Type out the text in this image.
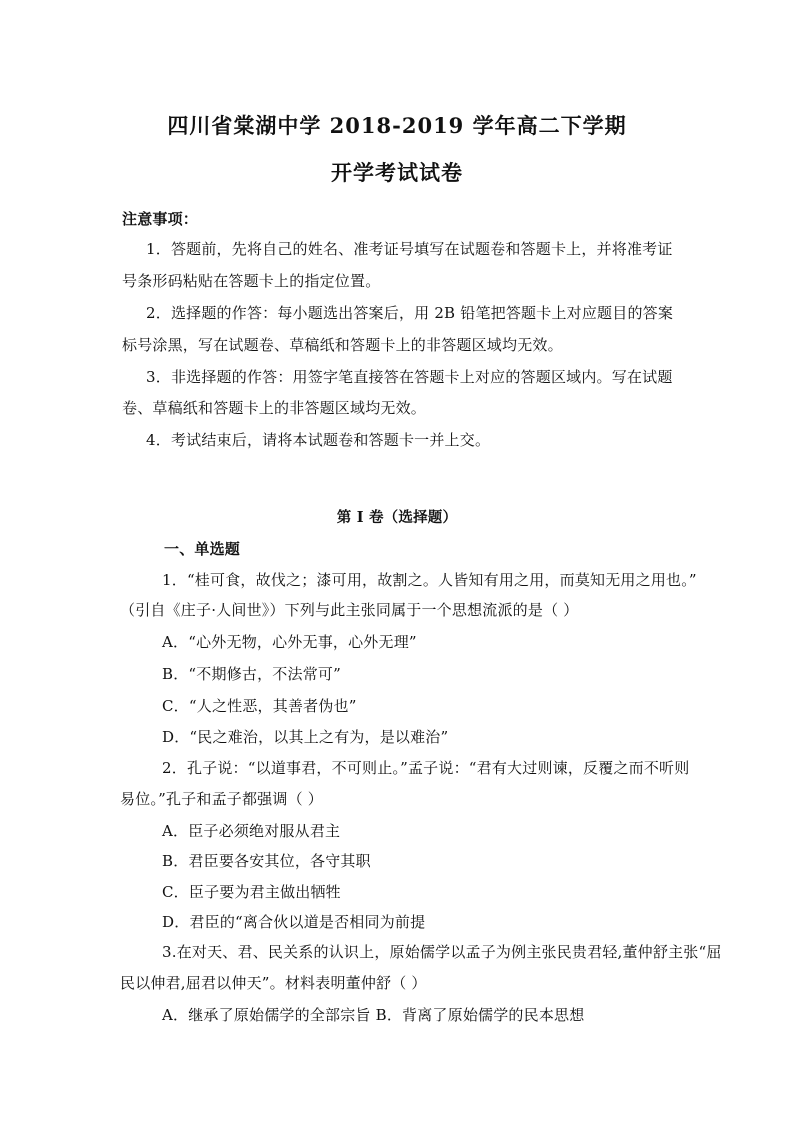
四川省棠湖中学 2018-2019 学年高二下学期
开学考试试卷
注意事项：
1．答题前，先将自己的姓名、准考证号填写在试题卷和答题卡上，并将准考证
号条形码粘贴在答题卡上的指定位置。
2．选择题的作答：每小题选出答案后，用 2B 铅笔把答题卡上对应题目的答案
标号涂黑，写在试题卷、草稿纸和答题卡上的非答题区域均无效。
3．非选择题的作答：用签字笔直接答在答题卡上对应的答题区域内。写在试题
卷、草稿纸和答题卡上的非答题区域均无效。
4．考试结束后，请将本试题卷和答题卡一并上交。
第 I 卷（选择题）
一、单选题
1．“桂可食，故伐之；漆可用，故割之。人皆知有用之用，而莫知无用之用也。”
（引自《庄子·人间世》）下列与此主张同属于一个思想流派的是（ ）
A．“心外无物，心外无事，心外无理”
B．“不期修古，不法常可”
C．“人之性恶，其善者伪也”
D．“民之难治，以其上之有为，是以难治”
2．孔子说：“以道事君，不可则止。”孟子说：“君有大过则谏，反覆之而不听则
易位。”孔子和孟子都强调（ ）
A．臣子必须绝对服从君主
B．君臣要各安其位，各守其职
C．臣子要为君主做出牺牲
D．君臣的“离合伙以道是否相同为前提
3.在对天、君、民关系的认识上，原始儒学以孟子为例主张民贵君轻,董仲舒主张“屈
民以伸君,屈君以伸天”。材料表明董仲舒（ ）
A．继承了原始儒学的全部宗旨 B．背离了原始儒学的民本思想
